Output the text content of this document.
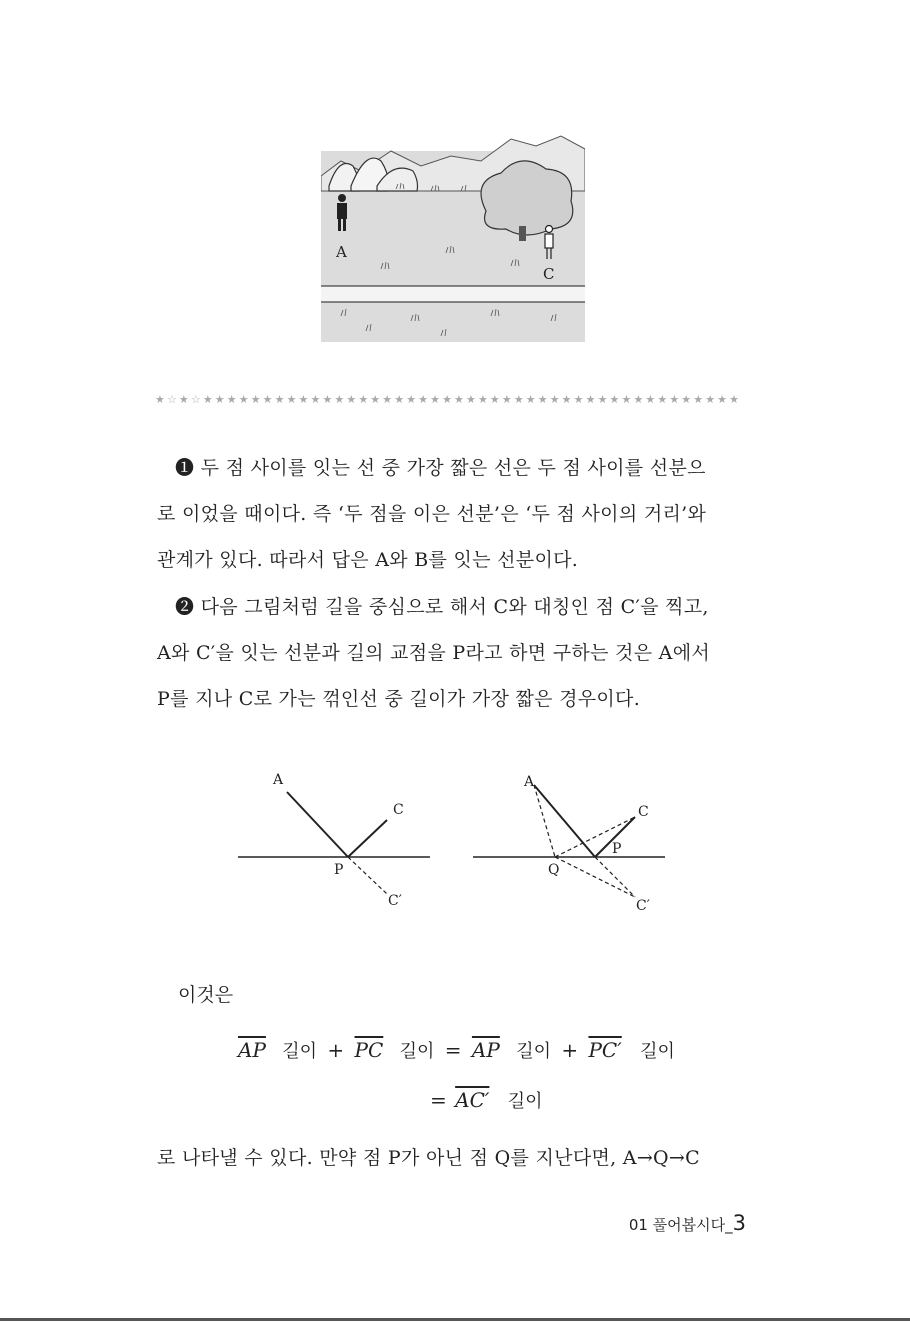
A
C
★☆★☆★★★★★★★★★★★★★★★★★★★★★★★★★★★★★★★★★★★★★★★★★★★★★
❶ 두 점 사이를 잇는 선 중 가장 짧은 선은 두 점 사이를 선분으
로 이었을 때이다. 즉 ‘두 점을 이은 선분’은 ‘두 점 사이의 거리’와
관계가 있다. 따라서 답은 A와 B를 잇는 선분이다.
❷ 다음 그림처럼 길을 중심으로 해서 C와 대칭인 점 C′을 찍고,
A와 C′을 잇는 선분과 길의 교점을 P라고 하면 구하는 것은 A에서
P를 지나 C로 가는 꺾인선 중 길이가 가장 짧은 경우이다.
A
C
P
C′
A
C
P
Q
C′
이것은
$\overline{AP}$ 길이 + $\overline{PC}$ 길이 = $\overline{AP}$ 길이 + PC′ 길이
= AC′ 길이
로 나타낼 수 있다. 만약 점 P가 아닌 점 Q를 지난다면, A→Q→C
01 풀어봅시다_3
